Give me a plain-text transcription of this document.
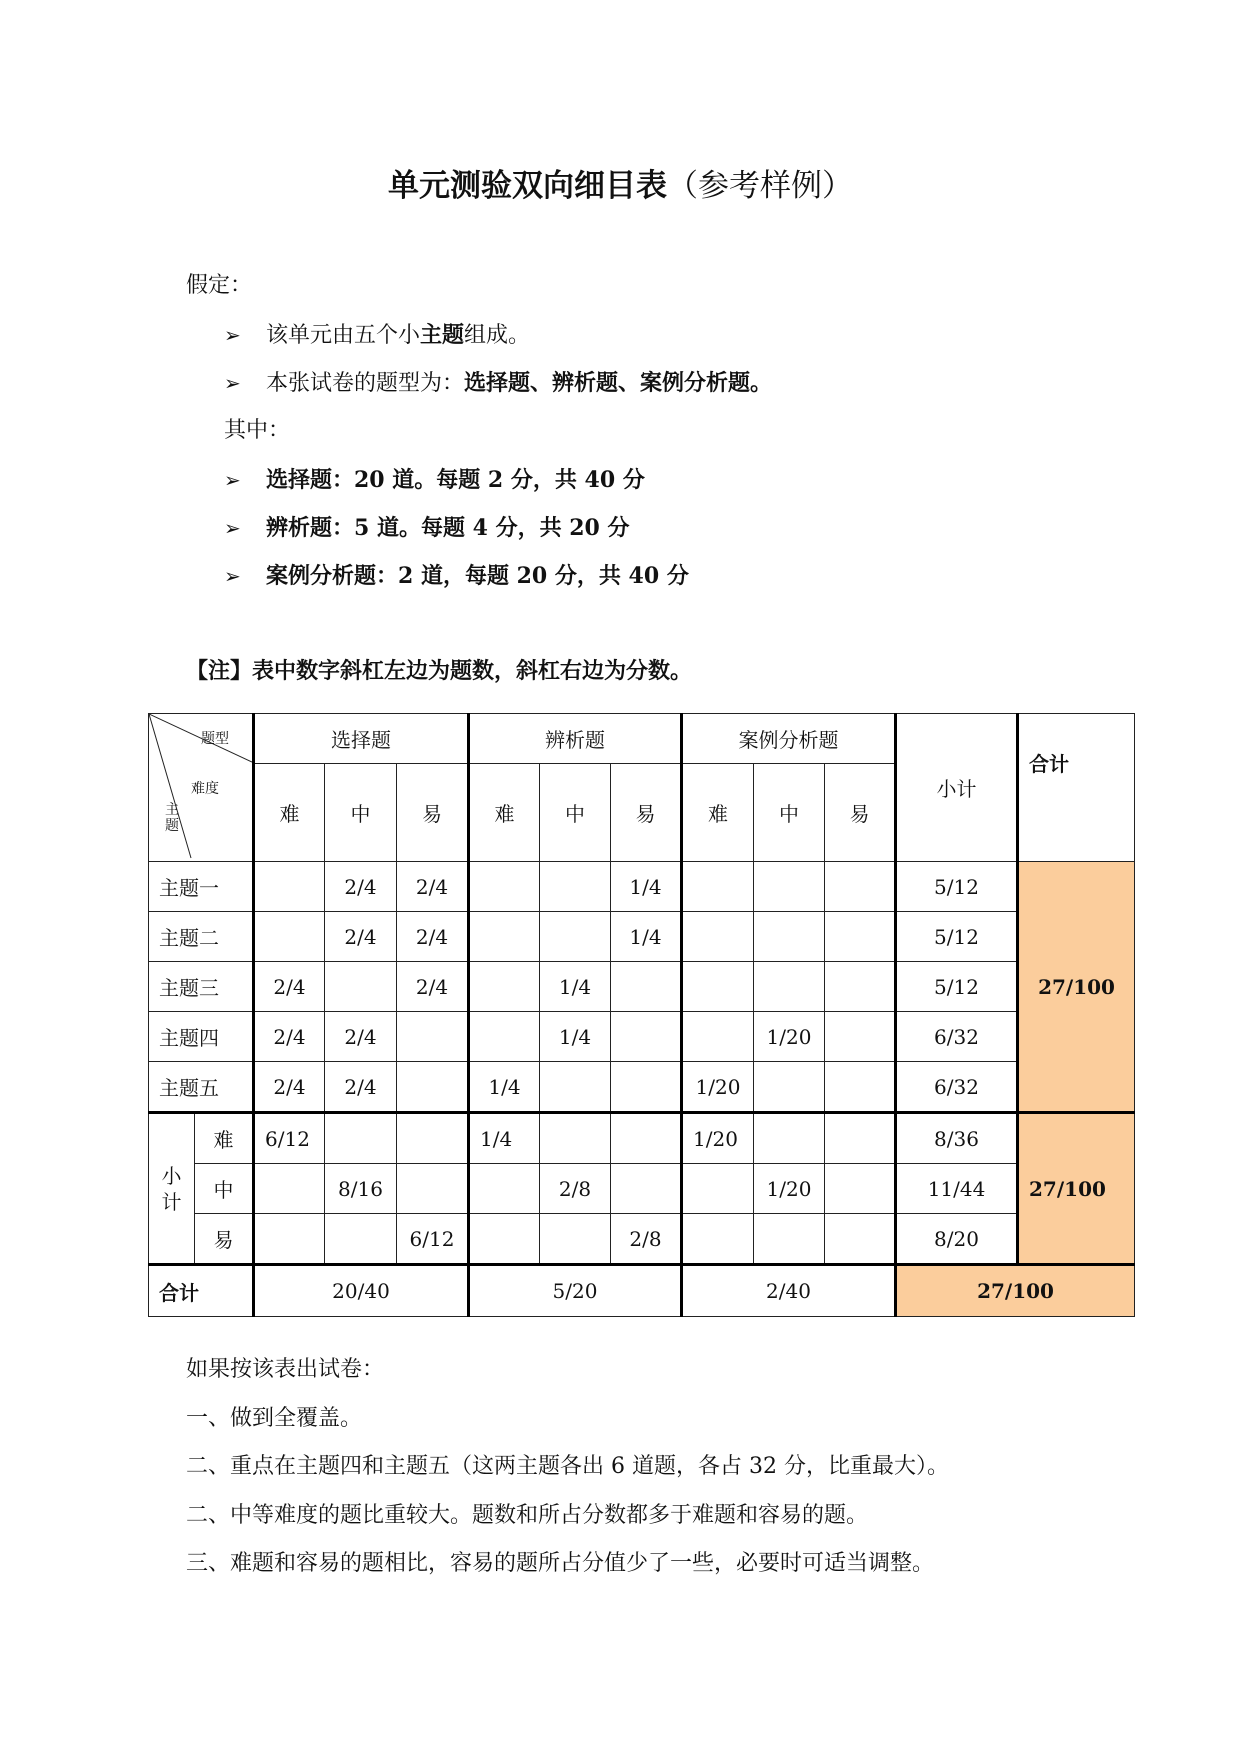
单元测验双向细目表（参考样例）
假定：
➢ 该单元由五个小主题组成。
➢ 本张试卷的题型为：选择题、辨析题、案例分析题。
其中：
➢ 选择题：20 道。每题 2 分，共 40 分
➢ 辨析题：5 道。每题 4 分，共 20 分
➢ 案例分析题：2 道，每题 20 分，共 40 分
【注】表中数字斜杠左边为题数，斜杠右边为分数。
题型
难度
主题		选择题			辨析题			案例分析题			小计	合计
		难	中	易	难	中	易	难	中	易		
主题一			2/4	2/4			1/4				5/12	27/100
主题二			2/4	2/4			1/4				5/12	
主题三		2/4		2/4		1/4					5/12	
主题四		2/4	2/4			1/4			1/20		6/32	
主题五		2/4	2/4		1/4			1/20			6/32	
小计	难	6/12			1/4			1/20			8/36	27/100
	中		8/16			2/8			1/20		11/44	
	易			6/12			2/8				8/20	
合计		20/40			5/20			2/40			27/100	
如果按该表出试卷：
一、做到全覆盖。
二、重点在主题四和主题五（这两主题各出 6 道题，各占 32 分，比重最大）。
二、中等难度的题比重较大。题数和所占分数都多于难题和容易的题。
三、难题和容易的题相比，容易的题所占分值少了一些，必要时可适当调整。
